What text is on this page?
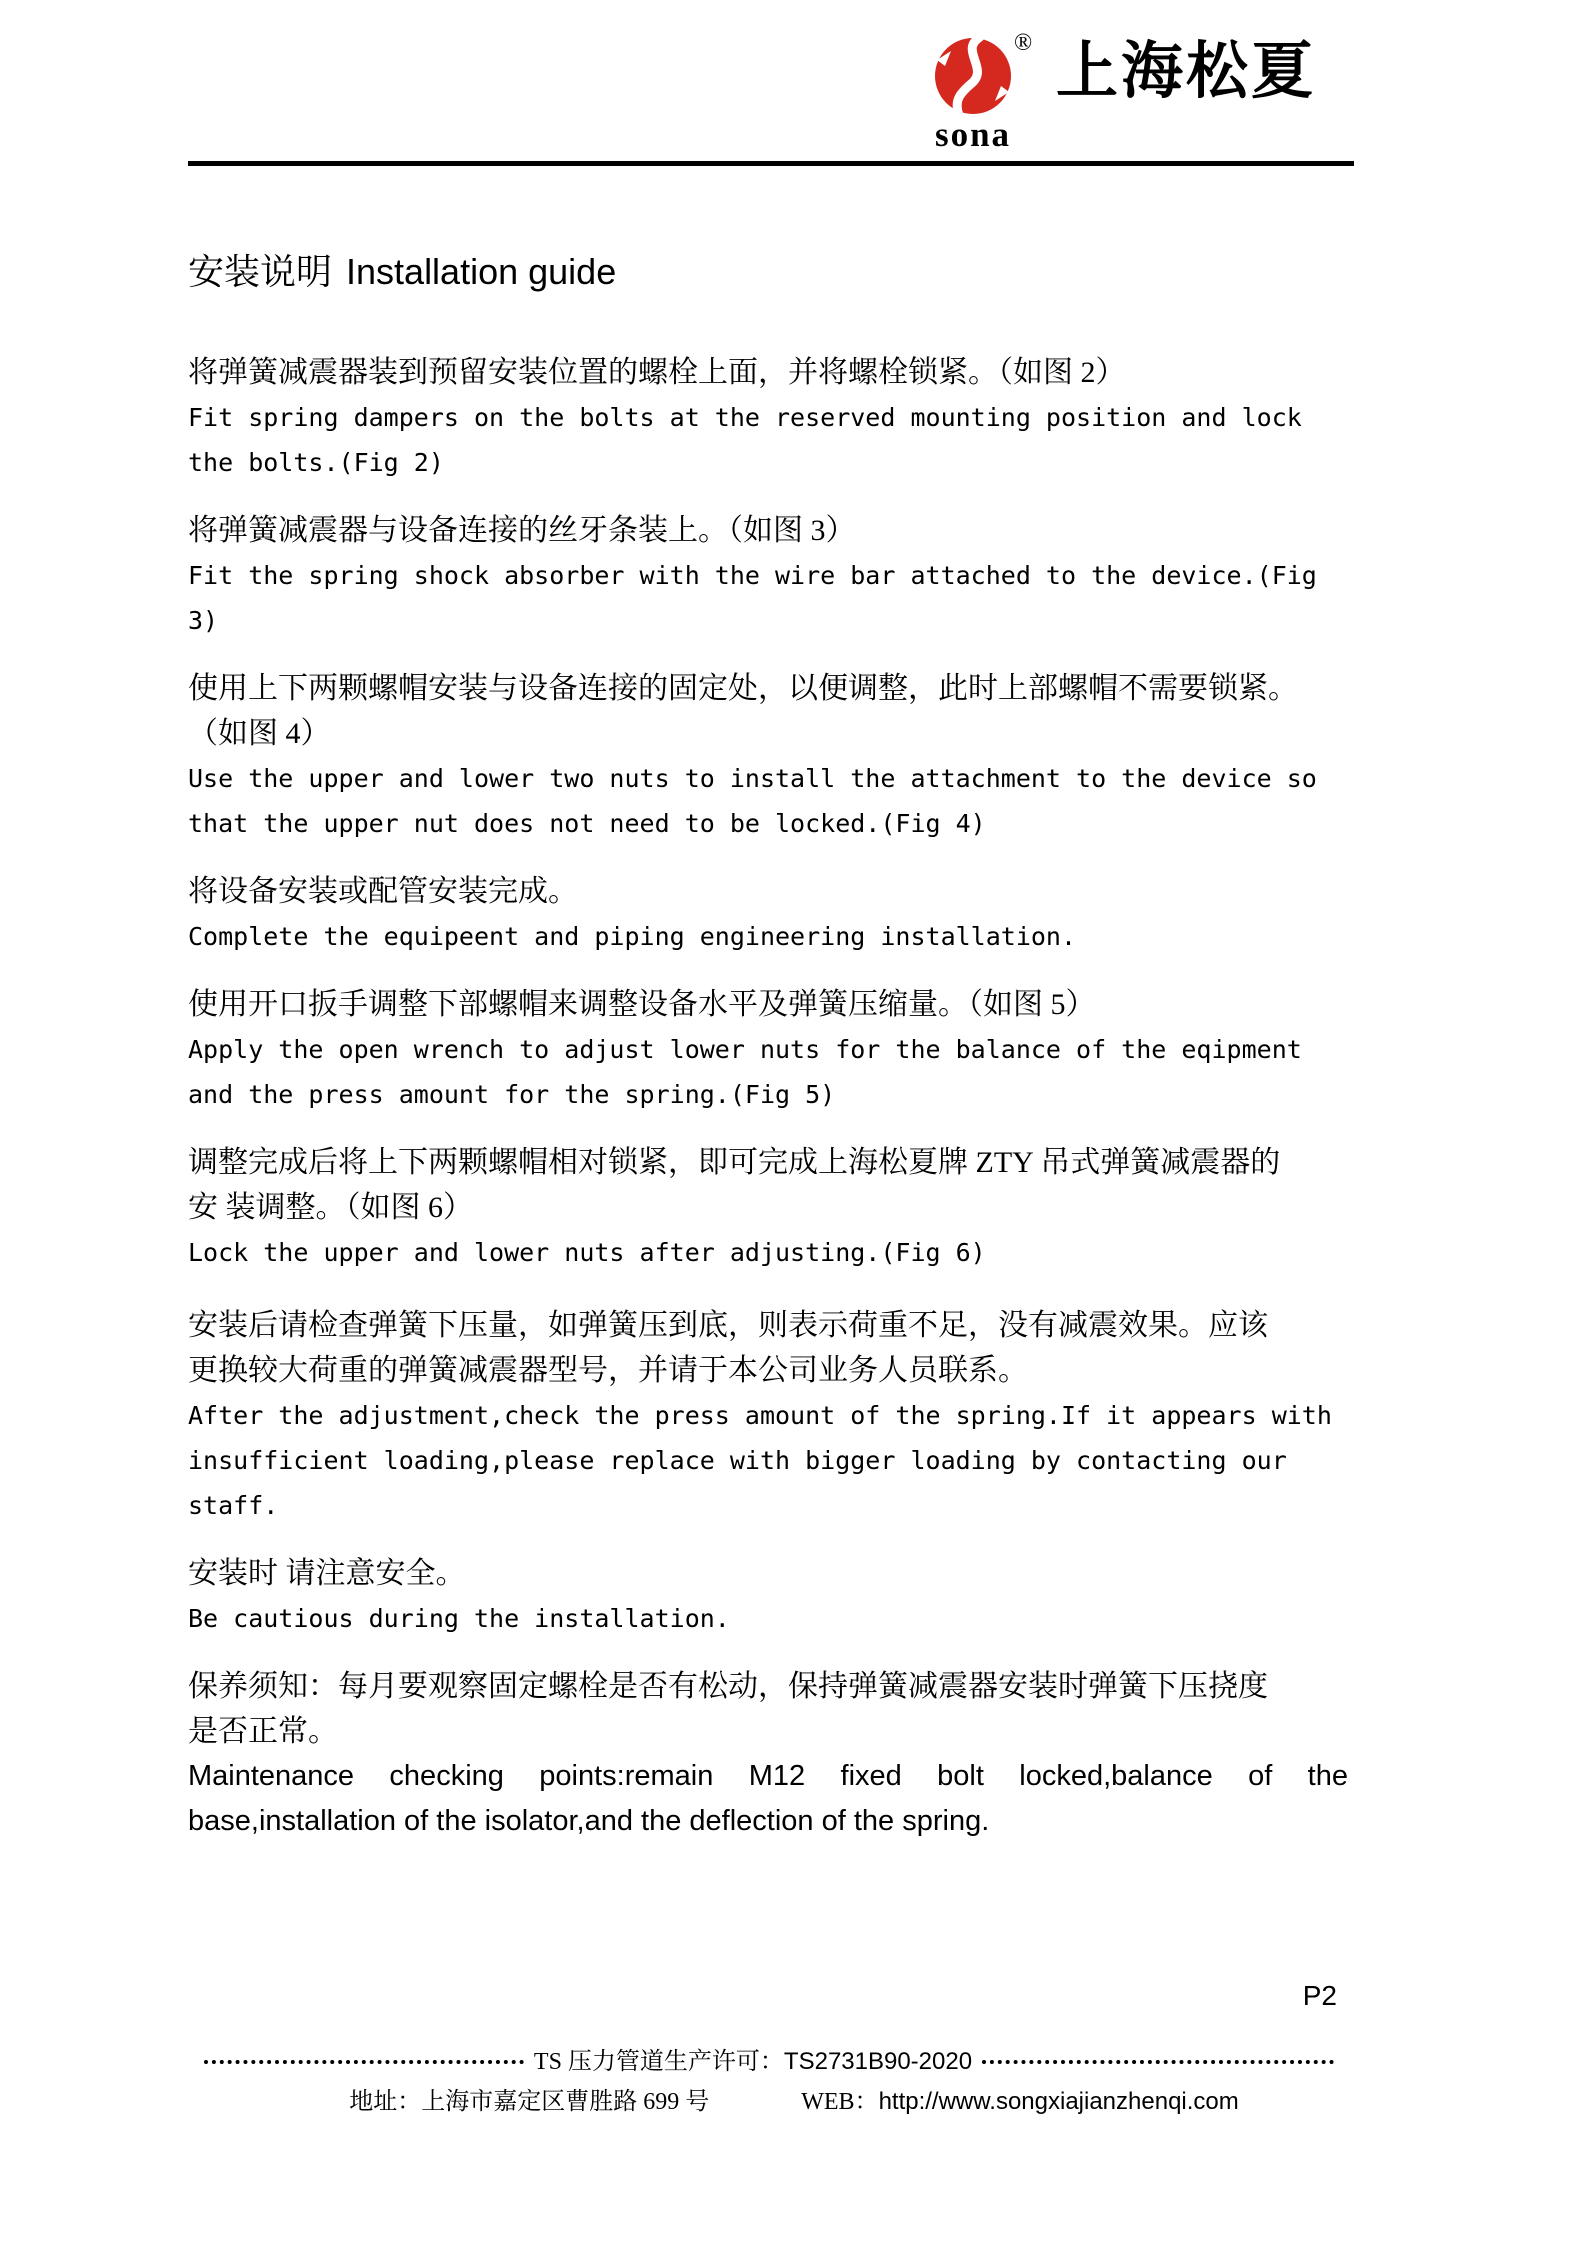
®
sona
上海松夏
安装说明 Installation guide
将弹簧减震器装到预留安装位置的螺栓上面，并将螺栓锁紧。（如图 2）
Fit spring dampers on the bolts at the reserved mounting position and lock
the bolts.(Fig 2)
将弹簧减震器与设备连接的丝牙条装上。（如图 3）
Fit the spring shock absorber with the wire bar attached to the device.(Fig
3)
使用上下两颗螺帽安装与设备连接的固定处，以便调整，此时上部螺帽不需要锁紧。
（如图 4）
Use the upper and lower two nuts to install the attachment to the device so
that the upper nut does not need to be locked.(Fig 4)
将设备安装或配管安装完成。
Complete the equipeent and piping engineering installation.
使用开口扳手调整下部螺帽来调整设备水平及弹簧压缩量。（如图 5）
Apply the open wrench to adjust lower nuts for the balance of the eqipment
and the press amount for the spring.(Fig 5)
调整完成后将上下两颗螺帽相对锁紧，即可完成上海松夏牌 ZTY 吊式弹簧减震器的
安 装调整。（如图 6）
Lock the upper and lower nuts after adjusting.(Fig 6)
安装后请检查弹簧下压量，如弹簧压到底，则表示荷重不足，没有减震效果。应该
更换较大荷重的弹簧减震器型号，并请于本公司业务人员联系。
After the adjustment,check the press amount of the spring.If it appears with
insufficient loading,please replace with bigger loading by contacting our
staff.
安装时 请注意安全。
Be cautious during the installation.
保养须知：每月要观察固定螺栓是否有松动，保持弹簧减震器安装时弹簧下压挠度
是否正常。
Maintenance checking points:remain M12 fixed bolt locked,balance of the
base,installation of the isolator,and the deflection of the spring.
P2
TS 压力管道生产许可： TS2731B90-2020
地址：上海市嘉定区曹胜路 699 号	WEB：http://www.songxiajianzhenqi.com
